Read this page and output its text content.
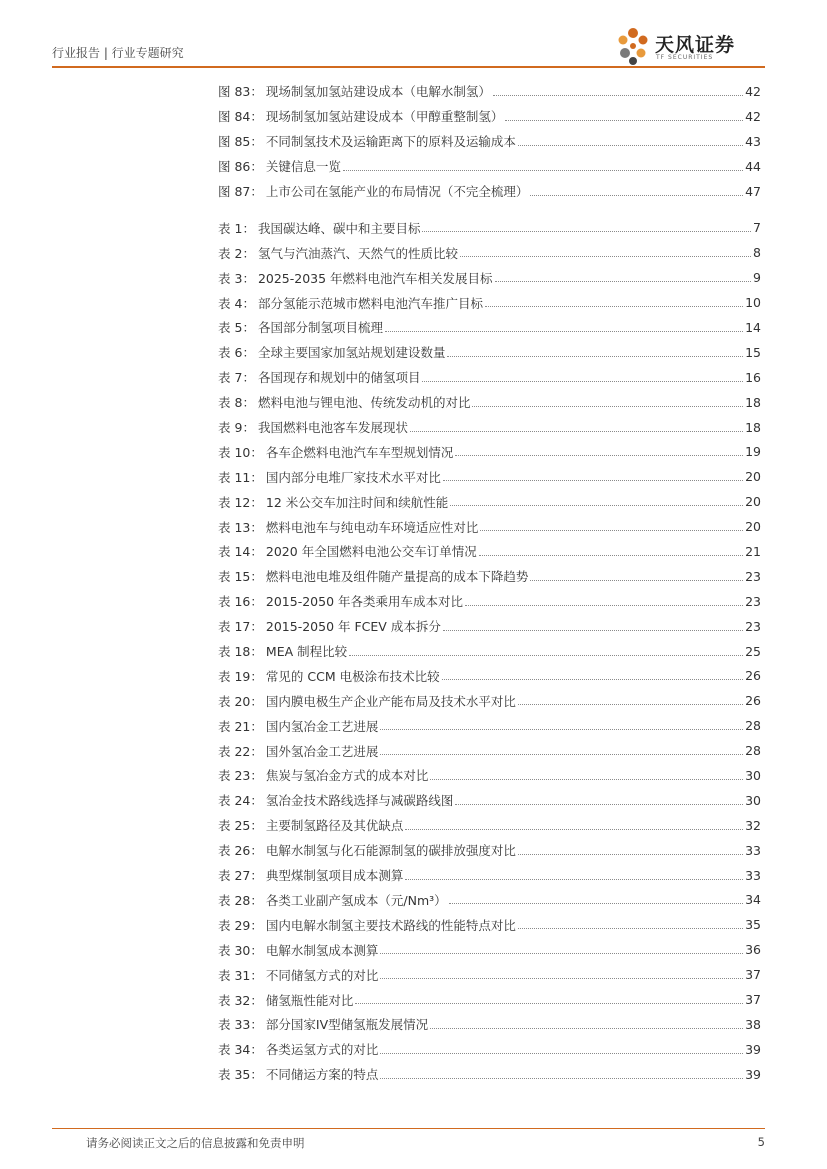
行业报告 | 行业专题研究	天风证券
TF SECURITIES
图 83 ： 现场制氢加氢站建设成本（电解水制氢）	42
图 84 ： 现场制氢加氢站建设成本（甲醇重整制氢）	42
图 85 ： 不同制氢技术及运输距离下的原料及运输成本	43
图 86 ： 关键信息一览	44
图 87 ： 上市公司在氢能产业的布局情况（不完全梳理）	47
表 1 ： 我国碳达峰、碳中和主要目标	7
表 2 ： 氢气与汽油蒸汽、天然气的性质比较	8
表 3 ： 2025-2035 年燃料电池汽车相关发展目标	9
表 4 ： 部分氢能示范城市燃料电池汽车推广目标	10
表 5 ： 各国部分制氢项目梳理	14
表 6 ： 全球主要国家加氢站规划建设数量	15
表 7 ： 各国现存和规划中的储氢项目	16
表 8 ： 燃料电池与锂电池、传统发动机的对比	18
表 9 ： 我国燃料电池客车发展现状	18
表 10 ： 各车企燃料电池汽车车型规划情况	19
表 11 ： 国内部分电堆厂家技术水平对比	20
表 12 ： 12 米公交车加注时间和续航性能	20
表 13 ： 燃料电池车与纯电动车环境适应性对比	20
表 14 ： 2020 年全国燃料电池公交车订单情况	21
表 15 ： 燃料电池电堆及组件随产量提高的成本下降趋势	23
表 16 ： 2015-2050 年各类乘用车成本对比	23
表 17 ： 2015-2050 年 FCEV 成本拆分	23
表 18 ： MEA 制程比较	25
表 19 ： 常见的 CCM 电极涂布技术比较	26
表 20 ： 国内膜电极生产企业产能布局及技术水平对比	26
表 21 ： 国内氢冶金工艺进展	28
表 22 ： 国外氢冶金工艺进展	28
表 23 ： 焦炭与氢冶金方式的成本对比	30
表 24 ： 氢冶金技术路线选择与减碳路线图	30
表 25 ： 主要制氢路径及其优缺点	32
表 26 ： 电解水制氢与化石能源制氢的碳排放强度对比	33
表 27 ： 典型煤制氢项目成本测算	33
表 28 ： 各类工业副产氢成本（元/Nm³）	34
表 29 ： 国内电解水制氢主要技术路线的性能特点对比	35
表 30 ： 电解水制氢成本测算	36
表 31 ： 不同储氢方式的对比	37
表 32 ： 储氢瓶性能对比	37
表 33 ： 部分国家IV型储氢瓶发展情况	38
表 34 ： 各类运氢方式的对比	39
表 35 ： 不同储运方案的特点	39
请务必阅读正文之后的信息披露和免责申明	5
